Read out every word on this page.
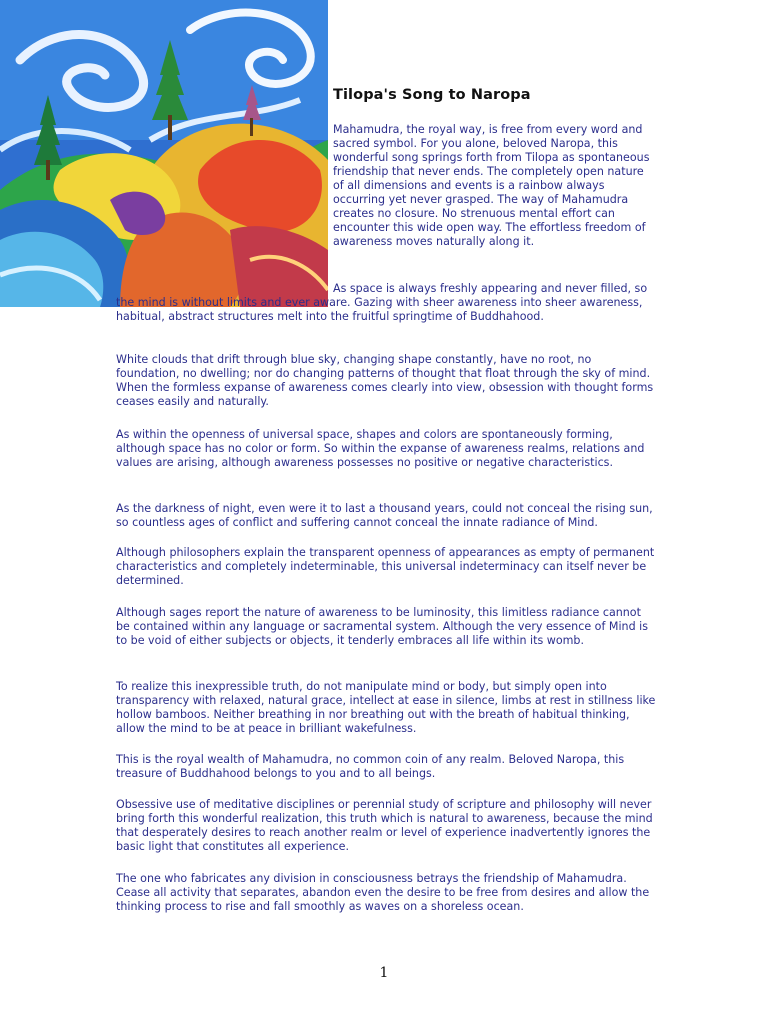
Tilopa's Song to Naropa

Mahamudra, the royal way, is free from every word and sacred symbol. For you alone, beloved Naropa, this wonderful song springs forth from Tilopa as spontaneous friendship that never ends. The completely open nature of all dimensions and events is a rainbow always occurring yet never grasped. The way of Mahamudra creates no closure. No strenuous mental effort can encounter this wide open way. The effortless freedom of awareness moves naturally along it.

As space is always freshly appearing and never filled, so the mind is without limits and ever aware. Gazing with sheer awareness into sheer awareness, habitual, abstract structures melt into the fruitful springtime of Buddhahood.

White clouds that drift through blue sky, changing shape constantly, have no root, no foundation, no dwelling; nor do changing patterns of thought that float through the sky of mind. When the formless expanse of awareness comes clearly into view, obsession with thought forms ceases easily and naturally.

As within the openness of universal space, shapes and colors are spontaneously forming, although space has no color or form. So within the expanse of awareness realms, relations and values are arising, although awareness possesses no positive or negative characteristics.

As the darkness of night, even were it to last a thousand years, could not conceal the rising sun, so countless ages of conflict and suffering cannot conceal the innate radiance of Mind.

Although philosophers explain the transparent openness of appearances as empty of permanent characteristics and completely indeterminable, this universal indeterminacy can itself never be determined.

Although sages report the nature of awareness to be luminosity, this limitless radiance cannot be contained within any language or sacramental system. Although the very essence of Mind is to be void of either subjects or objects, it tenderly embraces all life within its womb.

To realize this inexpressible truth, do not manipulate mind or body, but simply open into transparency with relaxed, natural grace, intellect at ease in silence, limbs at rest in stillness like hollow bamboos. Neither breathing in nor breathing out with the breath of habitual thinking, allow the mind to be at peace in brilliant wakefulness.

This is the royal wealth of Mahamudra, no common coin of any realm. Beloved Naropa, this treasure of Buddhahood belongs to you and to all beings.

Obsessive use of meditative disciplines or perennial study of scripture and philosophy will never bring forth this wonderful realization, this truth which is natural to awareness, because the mind that desperately desires to reach another realm or level of experience inadvertently ignores the basic light that constitutes all experience.

The one who fabricates any division in consciousness betrays the friendship of Mahamudra. Cease all activity that separates, abandon even the desire to be free from desires and allow the thinking process to rise and fall smoothly as waves on a shoreless ocean.

1
